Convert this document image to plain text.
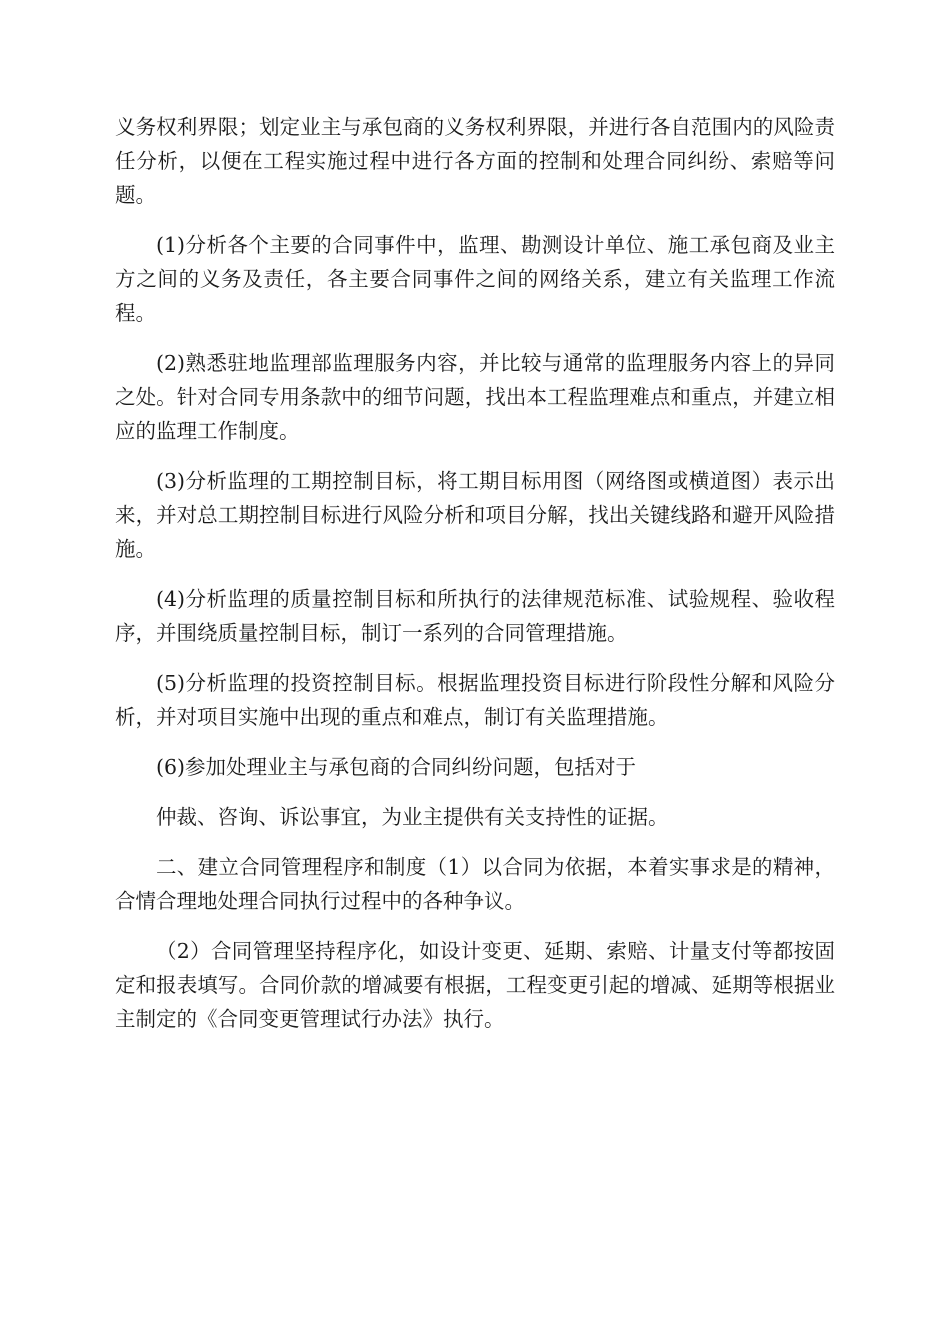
义务权利界限；划定业主与承包商的义务权利界限，并进行各自范围内的风险责任分析，以便在工程实施过程中进行各方面的控制和处理合同纠纷、索赔等问题。

(1)分析各个主要的合同事件中，监理、勘测设计单位、施工承包商及业主方之间的义务及责任，各主要合同事件之间的网络关系，建立有关监理工作流程。

(2)熟悉驻地监理部监理服务内容，并比较与通常的监理服务内容上的异同之处。针对合同专用条款中的细节问题，找出本工程监理难点和重点，并建立相应的监理工作制度。

(3)分析监理的工期控制目标，将工期目标用图（网络图或横道图）表示出来，并对总工期控制目标进行风险分析和项目分解，找出关键线路和避开风险措施。

(4)分析监理的质量控制目标和所执行的法律规范标准、试验规程、验收程序，并围绕质量控制目标，制订一系列的合同管理措施。

(5)分析监理的投资控制目标。根据监理投资目标进行阶段性分解和风险分析，并对项目实施中出现的重点和难点，制订有关监理措施。

(6)参加处理业主与承包商的合同纠纷问题，包括对于

仲裁、咨询、诉讼事宜，为业主提供有关支持性的证据。

二、建立合同管理程序和制度（1）以合同为依据，本着实事求是的精神，合情合理地处理合同执行过程中的各种争议。

（2）合同管理坚持程序化，如设计变更、延期、索赔、计量支付等都按固定和报表填写。合同价款的增减要有根据，工程变更引起的增减、延期等根据业主制定的《合同变更管理试行办法》执行。
